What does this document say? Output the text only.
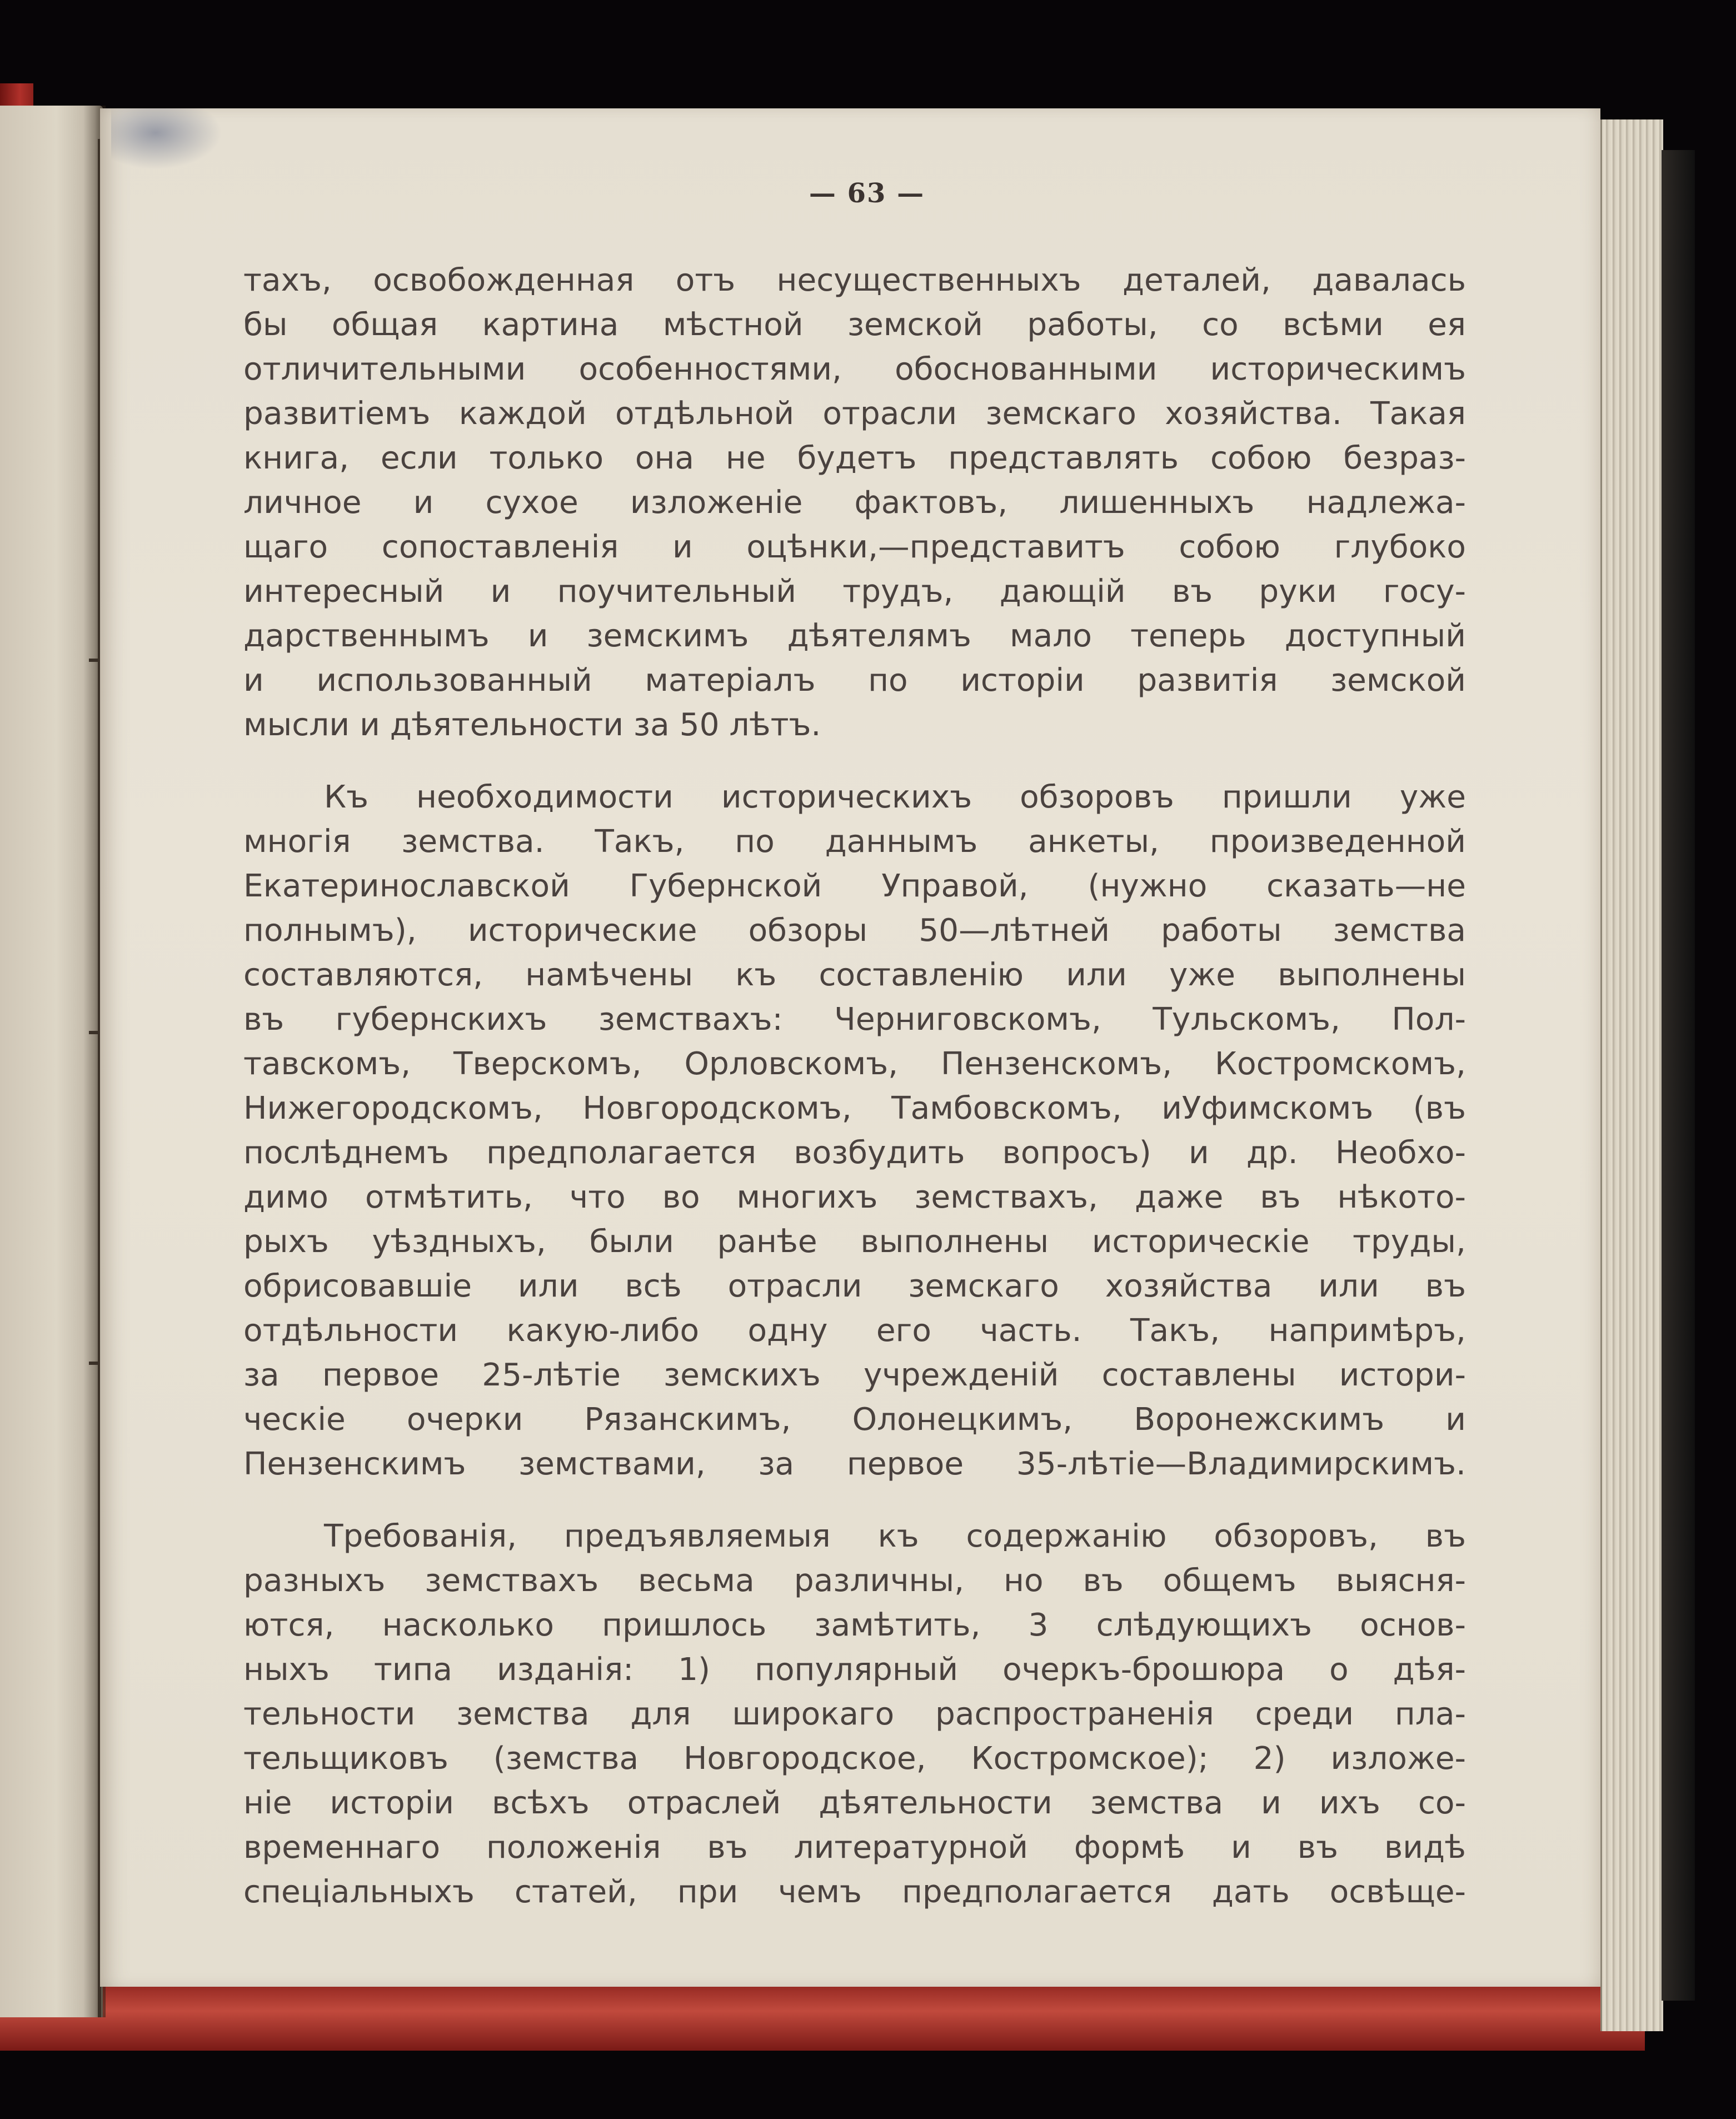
— 63 —
тахъ, освобожденная отъ несущественныхъ деталей, давалась
бы общая картина мѣстной земской работы, со всѣми ея
отличительными особенностями, обоснованными историческимъ
развитіемъ каждой отдѣльной отрасли земскаго хозяйства. Такая
книга, если только она не будетъ представлять собою безраз-
личное и сухое изложеніе фактовъ, лишенныхъ надлежа-
щаго сопоставленія и оцѣнки,—представитъ собою глубоко
интересный и поучительный трудъ, дающій въ руки госу-
дарственнымъ и земскимъ дѣятелямъ мало теперь доступный
и использованный матеріалъ по исторіи развитія земской
мысли и дѣятельности за 50 лѣтъ.
Къ необходимости историческихъ обзоровъ пришли уже
многія земства. Такъ, по даннымъ анкеты, произведенной
Екатеринославской Губернской Управой, (нужно сказать—не
полнымъ), исторические обзоры 50—лѣтней работы земства
составляются, намѣчены къ составленію или уже выполнены
въ губернскихъ земствахъ: Черниговскомъ, Тульскомъ, Пол-
тавскомъ, Тверскомъ, Орловскомъ, Пензенскомъ, Костромскомъ,
Нижегородскомъ, Новгородскомъ, Тамбовскомъ, иУфимскомъ (въ
послѣднемъ предполагается возбудить вопросъ) и др. Необхо-
димо отмѣтить, что во многихъ земствахъ, даже въ нѣкото-
рыхъ уѣздныхъ, были ранѣе выполнены историческіе труды,
обрисовавшіе или всѣ отрасли земскаго хозяйства или въ
отдѣльности какую-либо одну его часть. Такъ, напримѣръ,
за первое 25-лѣтіе земскихъ учрежденій составлены истори-
ческіе очерки Рязанскимъ, Олонецкимъ, Воронежскимъ и
Пензенскимъ земствами, за первое 35-лѣтіе—Владимирскимъ.
Требованія, предъявляемыя къ содержанію обзоровъ, въ
разныхъ земствахъ весьма различны, но въ общемъ выясня-
ются, насколько пришлось замѣтить, 3 слѣдующихъ основ-
ныхъ типа изданія: 1) популярный очеркъ-брошюра о дѣя-
тельности земства для широкаго распространенія среди пла-
тельщиковъ (земства Новгородское, Костромское); 2) изложе-
ніе исторіи всѣхъ отраслей дѣятельности земства и ихъ со-
временнаго положенія въ литературной формѣ и въ видѣ
спеціальныхъ статей, при чемъ предполагается дать освѣще-
